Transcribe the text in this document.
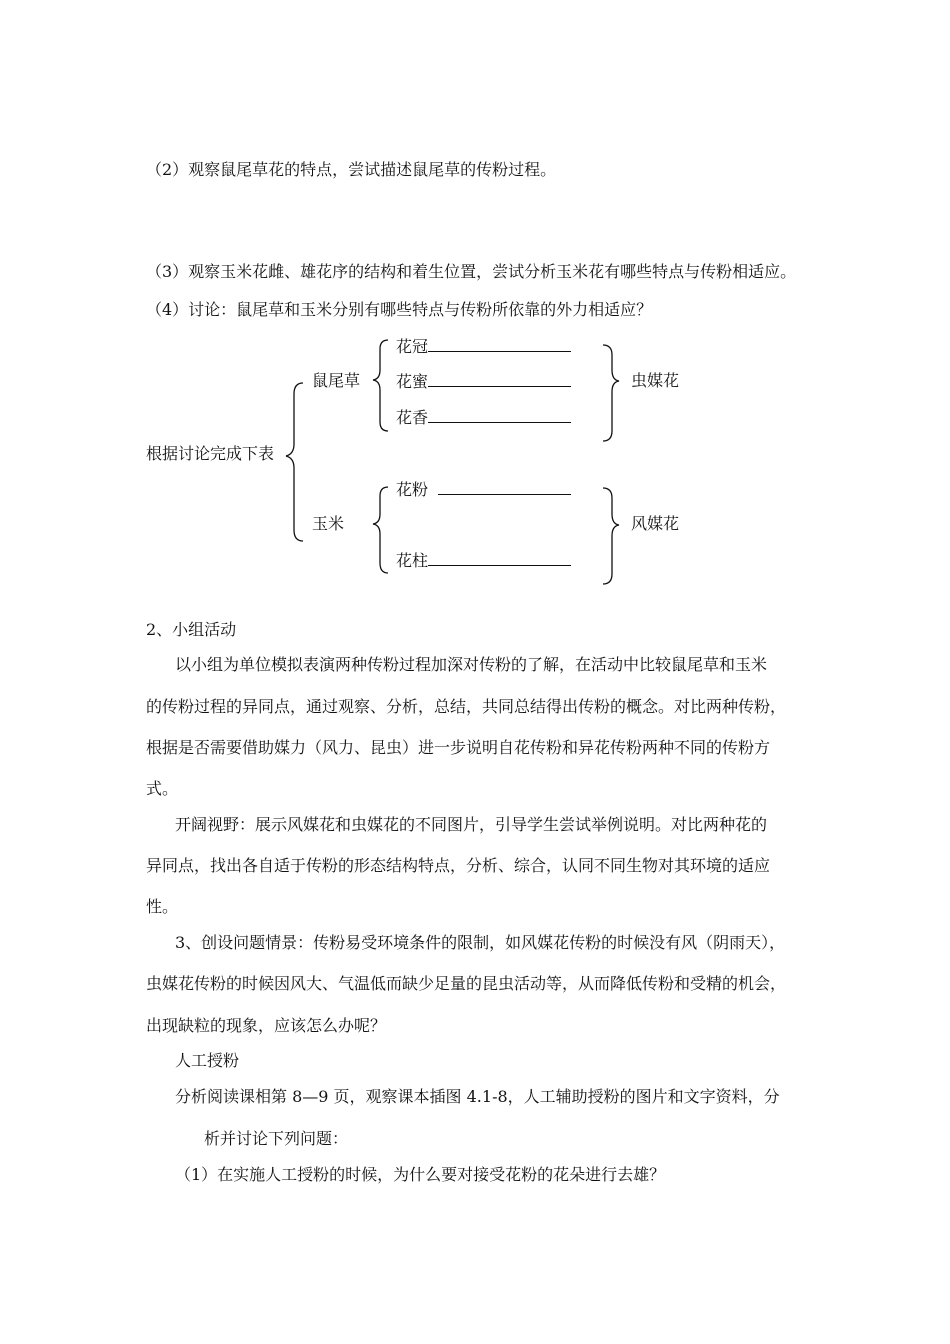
（2）观察鼠尾草花的特点，尝试描述鼠尾草的传粉过程。
（3）观察玉米花雌、雄花序的结构和着生位置，尝试分析玉米花有哪些特点与传粉相适应。
（4）讨论：鼠尾草和玉米分别有哪些特点与传粉所依靠的外力相适应？
根据讨论完成下表
鼠尾草
玉米
花冠
花蜜
花香
花粉
花柱
虫媒花
风媒花
2、小组活动
以小组为单位模拟表演两种传粉过程加深对传粉的了解，在活动中比较鼠尾草和玉米
的传粉过程的异同点，通过观察、分析，总结，共同总结得出传粉的概念。对比两种传粉，
根据是否需要借助媒力（风力、昆虫）进一步说明自花传粉和异花传粉两种不同的传粉方
式。
开阔视野：展示风媒花和虫媒花的不同图片，引导学生尝试举例说明。对比两种花的
异同点，找出各自适于传粉的形态结构特点，分析、综合，认同不同生物对其环境的适应
性。
3、创设问题情景：传粉易受环境条件的限制，如风媒花传粉的时候没有风（阴雨天），
虫媒花传粉的时候因风大、气温低而缺少足量的昆虫活动等，从而降低传粉和受精的机会，
出现缺粒的现象，应该怎么办呢？
人工授粉
分析阅读课相第 8—9 页，观察课本插图 4.1-8，人工辅助授粉的图片和文字资料，分
析并讨论下列问题：
（1）在实施人工授粉的时候，为什么要对接受花粉的花朵进行去雄？
